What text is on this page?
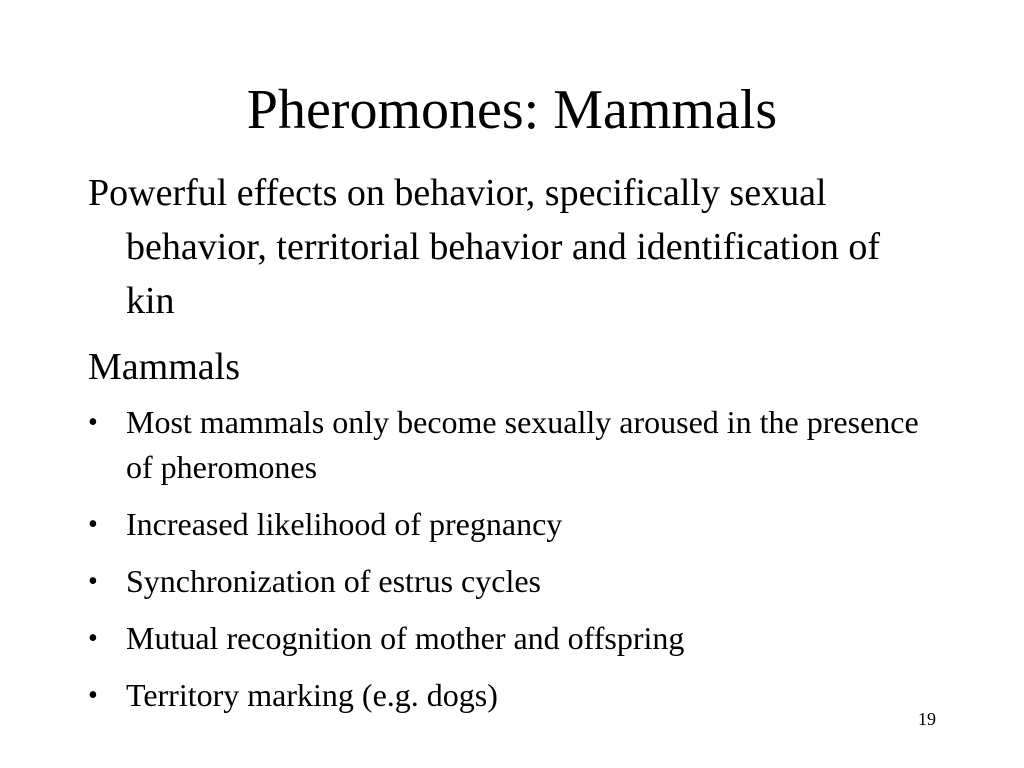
Pheromones: Mammals

Powerful effects on behavior, specifically sexual behavior, territorial behavior and identification of kin

Mammals

• Most mammals only become sexually aroused in the presence of pheromones
• Increased likelihood of pregnancy
• Synchronization of estrus cycles
• Mutual recognition of mother and offspring
• Territory marking (e.g. dogs)
19
